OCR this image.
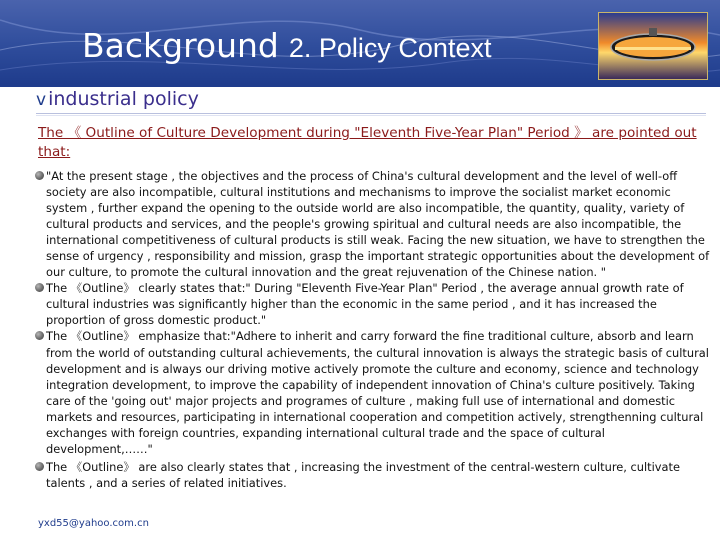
Background 2. Policy Context
v industrial policy
The 《 Outline of Culture Development during "Eleventh Five-Year Plan" Period 》 are pointed out that:
"At the present stage , the objectives and the process of China's cultural development and the level of well-off society are also incompatible, cultural institutions and mechanisms to improve the socialist market economic system , further expand the opening to the outside world are also incompatible, the quantity, quality, variety of cultural products and services, and the people's growing spiritual and cultural needs are also incompatible, the international competitiveness of cultural products is still weak. Facing the new situation, we have to strengthen the sense of urgency , responsibility and mission, grasp the important strategic opportunities about the development of our culture, to promote the cultural innovation and the great rejuvenation of the Chinese nation. "
The 《Outline》 clearly states that:" During "Eleventh Five-Year Plan" Period , the average annual growth rate of cultural industries was significantly higher than the economic in the same period , and it has increased the proportion of gross domestic product."
The 《Outline》 emphasize that:"Adhere to inherit and carry forward the fine traditional culture, absorb and learn from the world of outstanding cultural achievements, the cultural innovation is always the strategic basis of cultural development and is always our driving motive actively promote the culture and economy, science and technology integration development, to improve the capability of independent innovation of China's culture positively. Taking care of the 'going out' major projects and programes of culture , making full use of international and domestic markets and resources, participating in international cooperation and competition actively, strengthenning cultural exchanges with foreign countries, expanding international cultural trade and the space of cultural development,……"
The 《Outline》 are also clearly states that , increasing the investment of the central-western culture, cultivate talents , and a series of related initiatives.
yxd55@yahoo.com.cn
